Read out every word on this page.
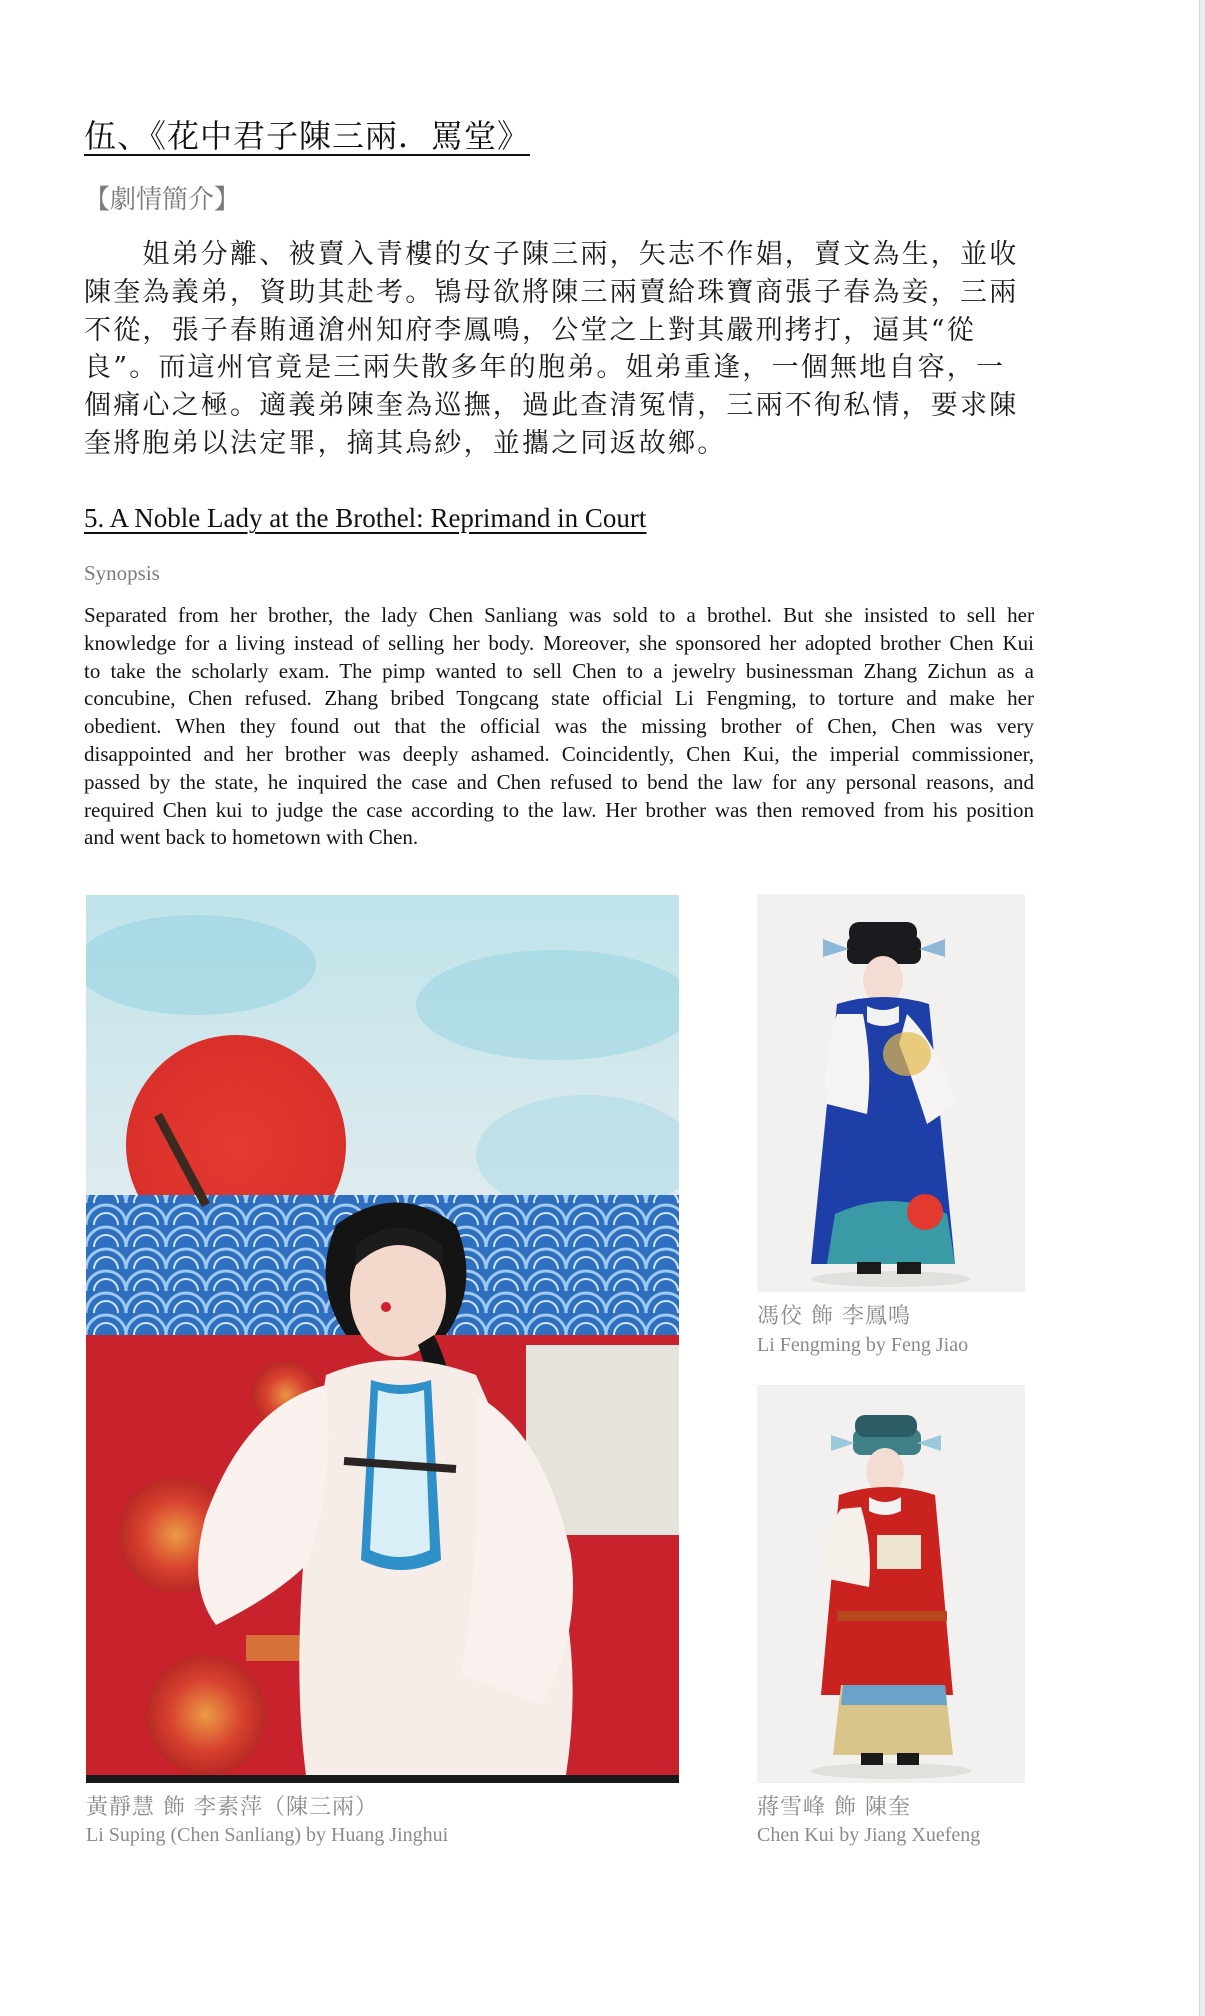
伍、《花中君子陳三兩．罵堂》
【劇情簡介】
　　姐弟分離、被賣入青樓的女子陳三兩，矢志不作娼，賣文為生，並收
陳奎為義弟，資助其赴考。鴇母欲將陳三兩賣給珠寶商張子春為妾，三兩
不從，張子春賄通滄州知府李鳳鳴，公堂之上對其嚴刑拷打，逼其“從
良”。而這州官竟是三兩失散多年的胞弟。姐弟重逢，一個無地自容，一
個痛心之極。適義弟陳奎為巡撫，過此查清冤情，三兩不徇私情，要求陳
奎將胞弟以法定罪，摘其烏紗，並攜之同返故鄉。
5. A Noble Lady at the Brothel: Reprimand in Court
Synopsis
Separated from her brother, the lady Chen Sanliang was sold to a brothel. But she insisted to sell her
knowledge for a living instead of selling her body. Moreover, she sponsored her adopted brother Chen Kui
to take the scholarly exam. The pimp wanted to sell Chen to a jewelry businessman Zhang Zichun as a
concubine, Chen refused. Zhang bribed Tongcang state official Li Fengming, to torture and make her
obedient. When they found out that the official was the missing brother of Chen, Chen was very
disappointed and her brother was deeply ashamed. Coincidently, Chen Kui, the imperial commissioner,
passed by the state, he inquired the case and Chen refused to bend the law for any personal reasons, and
required Chen kui to judge the case according to the law. Her brother was then removed from his position
and went back to hometown with Chen.
黃靜慧 飾 李素萍（陳三兩）
Li Suping (Chen Sanliang) by Huang Jinghui
馮佼 飾 李鳳鳴
Li Fengming by Feng Jiao
蔣雪峰 飾 陳奎
Chen Kui by Jiang Xuefeng
